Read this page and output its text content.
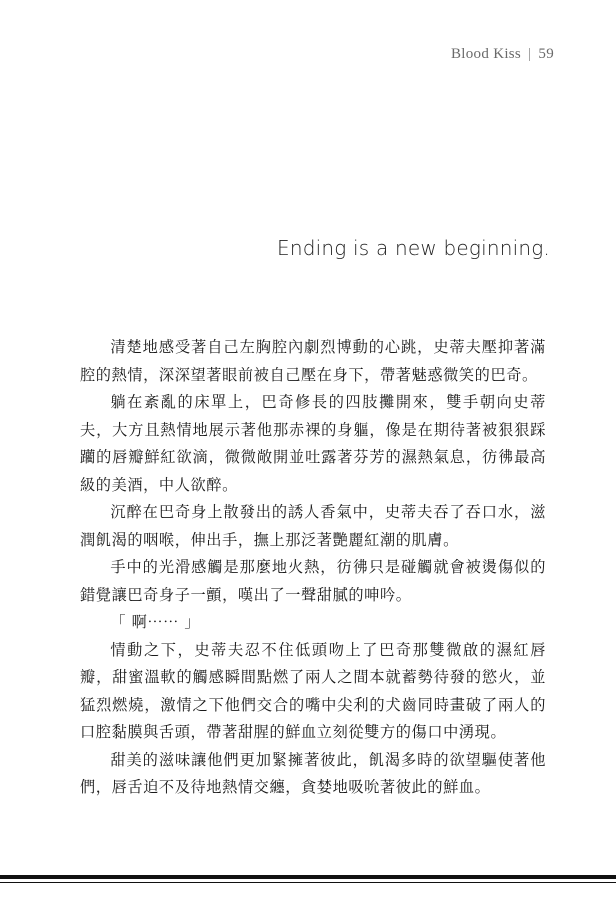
Blood Kiss | 59
Ending is a new beginning.

清楚地感受著自己左胸腔內劇烈博動的心跳，史蒂夫壓抑著滿腔的熱情，深深望著眼前被自己壓在身下，帶著魅惑微笑的巴奇。

躺在紊亂的床單上，巴奇修長的四肢攤開來，雙手朝向史蒂夫，大方且熱情地展示著他那赤裸的身軀，像是在期待著被狠狠踩躪的唇瓣鮮紅欲滴，微微敞開並吐露著芬芳的濕熱氣息，彷彿最高級的美酒，中人欲醉。

沉醉在巴奇身上散發出的誘人香氣中，史蒂夫吞了吞口水，滋潤飢渴的咽喉，伸出手，撫上那泛著艷麗紅潮的肌膚。

手中的光滑感觸是那麼地火熱，彷彿只是碰觸就會被燙傷似的錯覺讓巴奇身子一顫，嘆出了一聲甜膩的呻吟。

「 啊⋯⋯ 」

情動之下，史蒂夫忍不住低頭吻上了巴奇那雙微啟的濕紅唇瓣，甜蜜溫軟的觸感瞬間點燃了兩人之間本就蓄勢待發的慾火，並猛烈燃燒，激情之下他們交合的嘴中尖利的犬齒同時畫破了兩人的口腔黏膜與舌頭，帶著甜腥的鮮血立刻從雙方的傷口中湧現。

甜美的滋味讓他們更加緊擁著彼此，飢渴多時的欲望驅使著他們，唇舌迫不及待地熱情交纏，貪婪地吸吮著彼此的鮮血。
